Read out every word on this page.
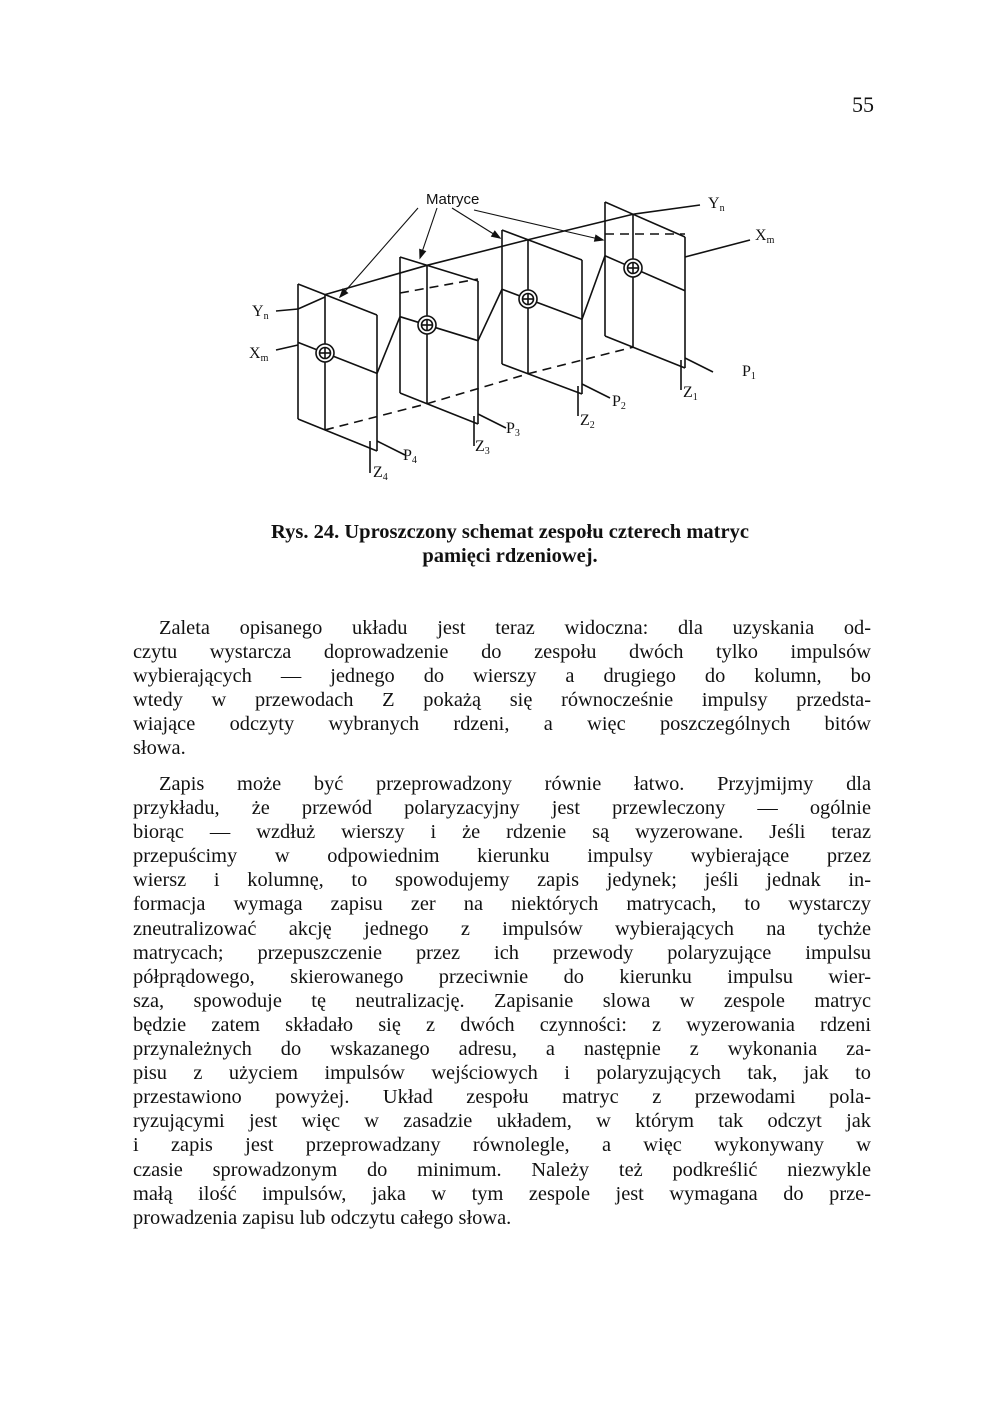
55
Matryce
Yn
Xm
Yn
Xm
P1
P2
P3
P4
Z1
Z2
Z3
Z4
Rys. 24. Uproszczony schemat zespołu czterech matryc
pamięci rdzeniowej.
Zaleta opisanego układu jest teraz widoczna: dla uzyskania od-
czytu wystarcza doprowadzenie do zespołu dwóch tylko impulsów
wybierających — jednego do wierszy a drugiego do kolumn, bo
wtedy w przewodach Z pokażą się równocześnie impulsy przedsta-
wiające odczyty wybranych rdzeni, a więc poszczególnych bitów
słowa.
Zapis może być przeprowadzony równie łatwo. Przyjmijmy dla
przykładu, że przewód polaryzacyjny jest przewleczony — ogólnie
biorąc — wzdłuż wierszy i że rdzenie są wyzerowane. Jeśli teraz
przepuścimy w odpowiednim kierunku impulsy wybierające przez
wiersz i kolumnę, to spowodujemy zapis jedynek; jeśli jednak in-
formacja wymaga zapisu zer na niektórych matrycach, to wystarczy
zneutralizować akcję jednego z impulsów wybierających na tychże
matrycach; przepuszczenie przez ich przewody polaryzujące impulsu
półprądowego, skierowanego przeciwnie do kierunku impulsu wier-
sza, spowoduje tę neutralizację. Zapisanie slowa w zespole matryc
będzie zatem składało się z dwóch czynności: z wyzerowania rdzeni
przynależnych do wskazanego adresu, a następnie z wykonania za-
pisu z użyciem impulsów wejściowych i polaryzujących tak, jak to
przestawiono powyżej. Układ zespołu matryc z przewodami pola-
ryzującymi jest więc w zasadzie układem, w którym tak odczyt jak
i zapis jest przeprowadzany równolegle, a więc wykonywany w
czasie sprowadzonym do minimum. Należy też podkreślić niezwykle
małą ilość impulsów, jaka w tym zespole jest wymagana do prze-
prowadzenia zapisu lub odczytu całego słowa.
